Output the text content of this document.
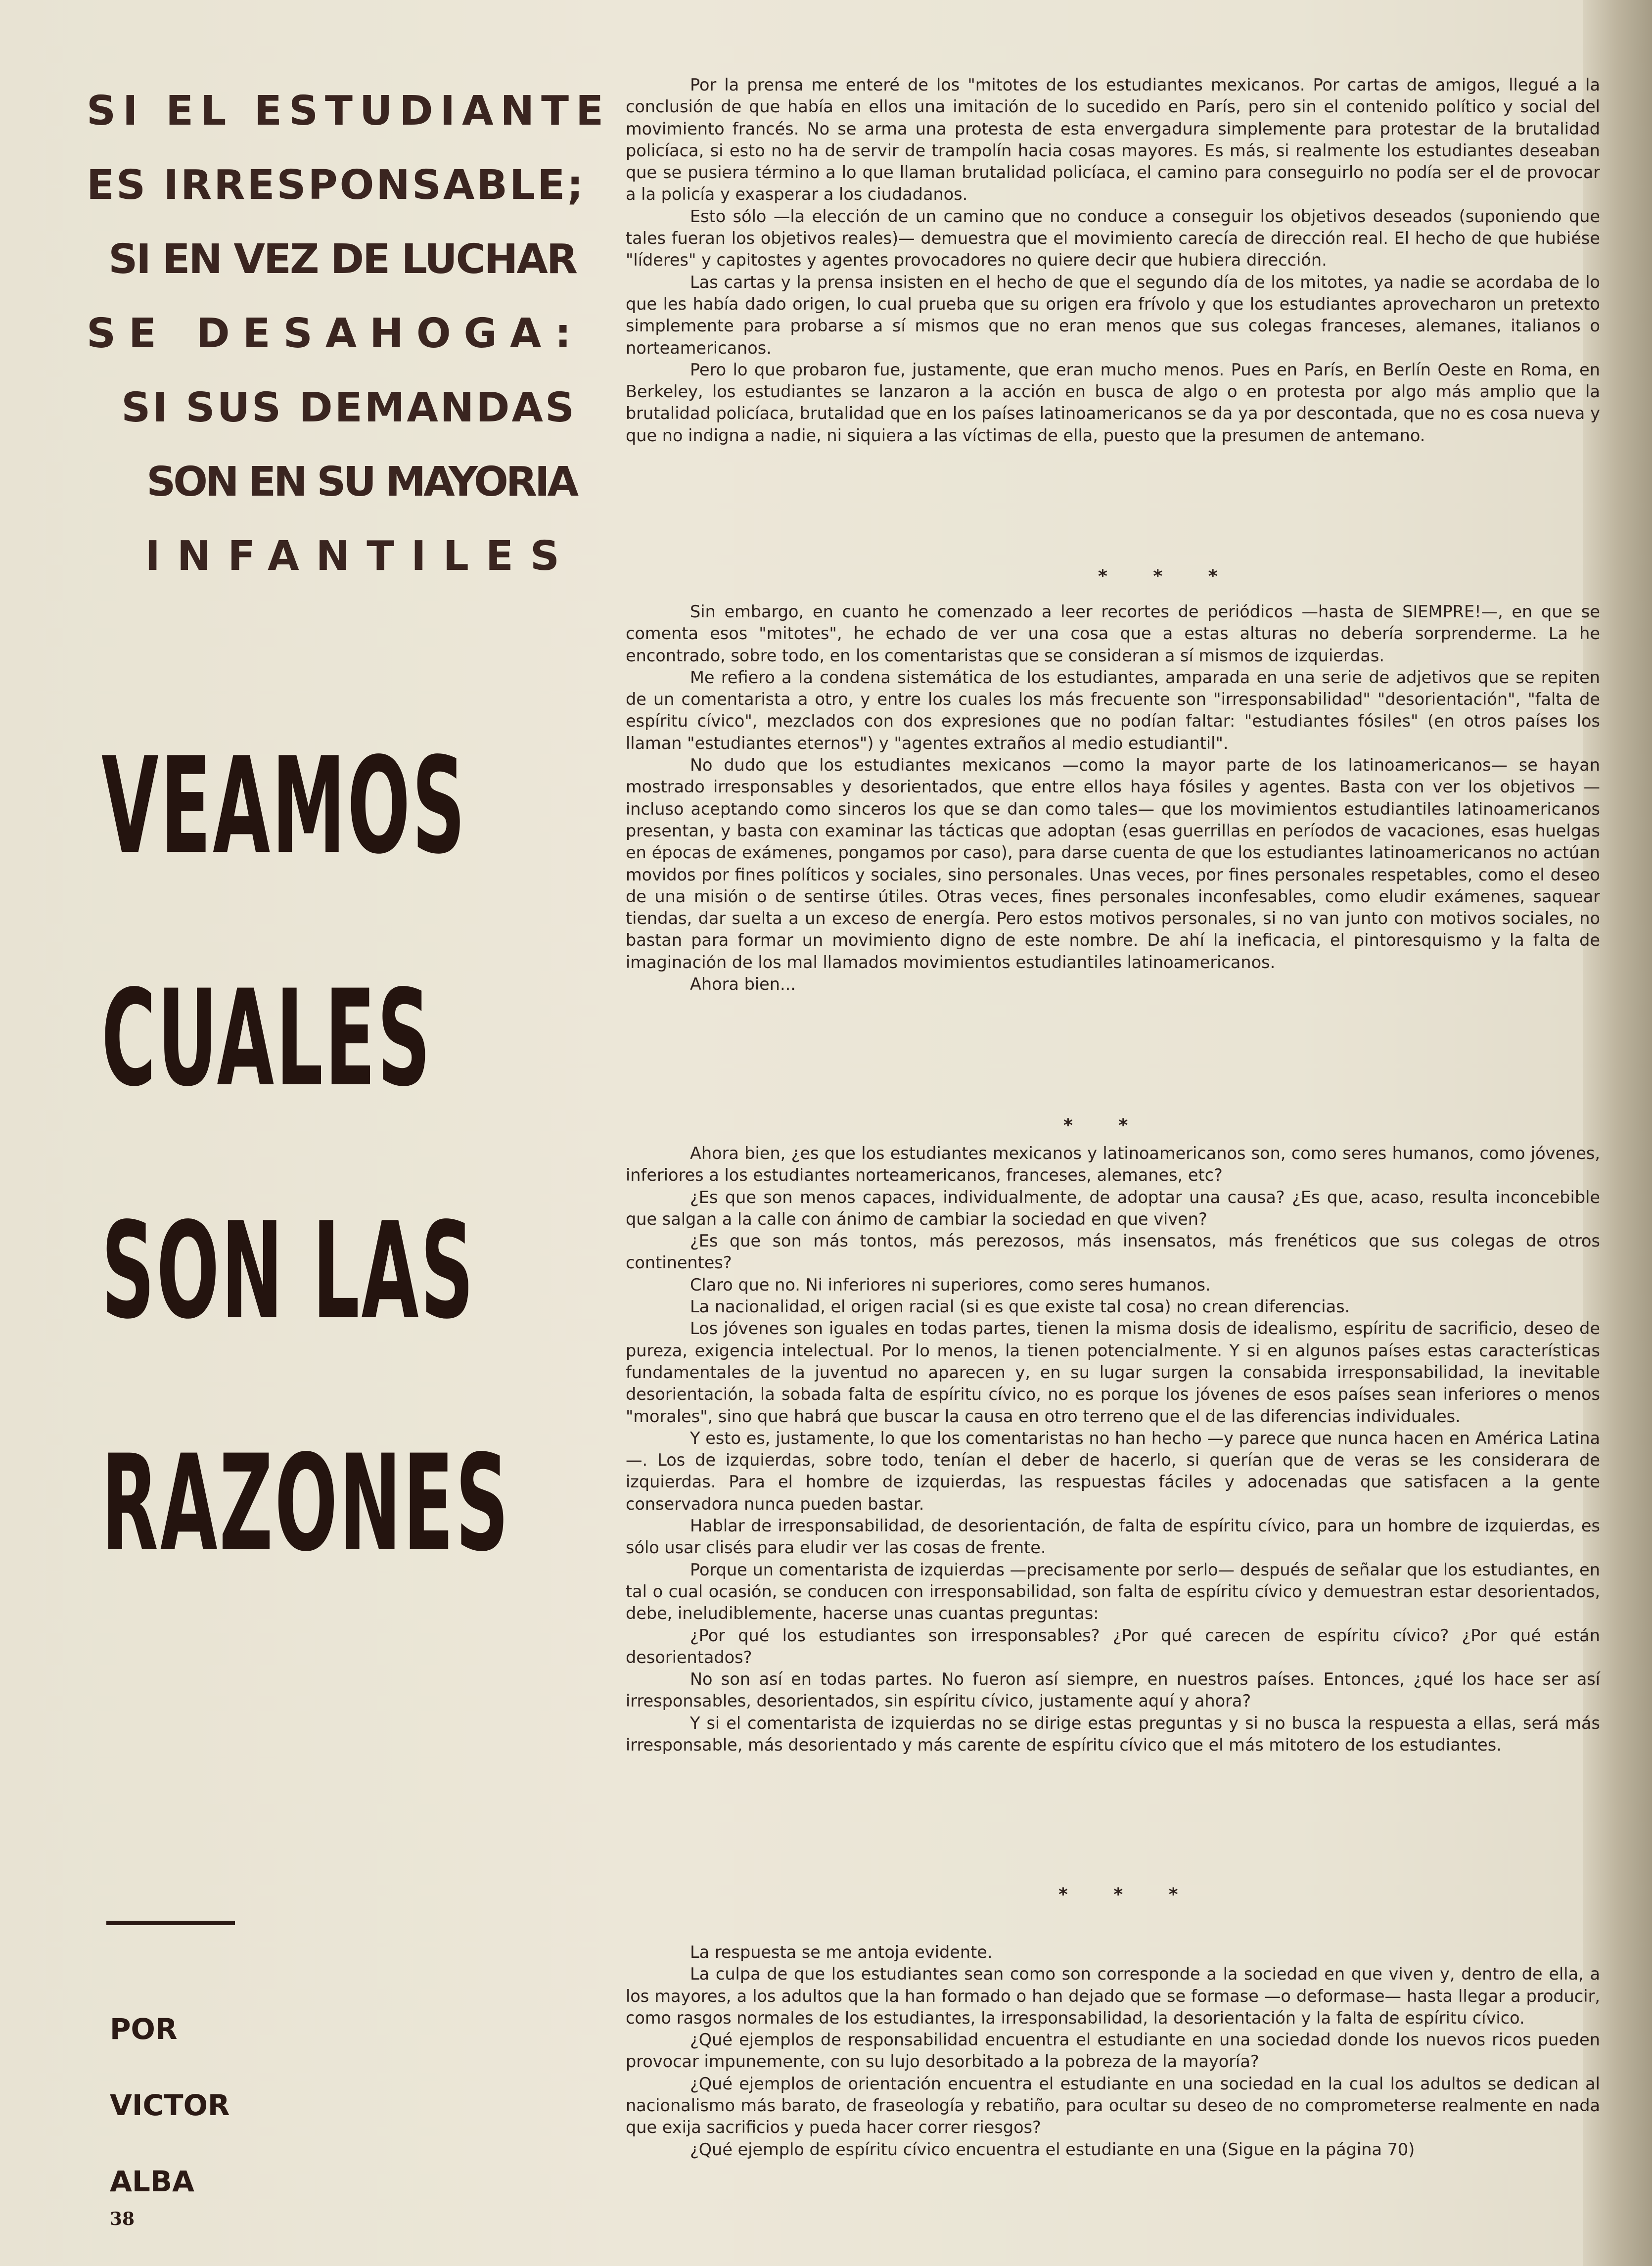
SI EL ESTUDIANTE
ES IRRESPONSABLE;
SI EN VEZ DE LUCHAR
SE DESAHOGA:
SI SUS DEMANDAS
SON EN SU MAYORIA
INFANTILES
VEAMOS
CUALES
SON LAS
RAZONES
POR
VICTOR
ALBA
38

Por la prensa me enteré de los "mitotes de los estudiantes mexicanos. Por cartas de amigos, llegué a la conclusión de que había en ellos una imitación de lo sucedido en París, pero sin el contenido político y social del movimiento francés. No se arma una protesta de esta envergadura simplemente para protestar de la brutalidad policíaca, si esto no ha de servir de trampolín hacia cosas mayores. Es más, si realmente los estudiantes deseaban que se pusiera término a lo que llaman brutalidad policíaca, el camino para conseguirlo no podía ser el de provocar a la policía y exasperar a los ciudadanos.

Esto sólo —la elección de un camino que no conduce a conseguir los objetivos deseados (suponiendo que tales fueran los objetivos reales)— demuestra que el movimiento carecía de dirección real. El hecho de que hubiése "líderes" y capitostes y agentes provocadores no quiere decir que hubiera dirección.

Las cartas y la prensa insisten en el hecho de que el segundo día de los mitotes, ya nadie se acordaba de lo que les había dado origen, lo cual prueba que su origen era frívolo y que los estudiantes aprovecharon un pretexto simplemente para probarse a sí mismos que no eran menos que sus colegas franceses, alemanes, italianos o norteamericanos.

Pero lo que probaron fue, justamente, que eran mucho menos. Pues en París, en Berlín Oeste en Roma, en Berkeley, los estudiantes se lanzaron a la acción en busca de algo o en protesta por algo más amplio que la brutalidad policíaca, brutalidad que en los países latinoamericanos se da ya por descontada, que no es cosa nueva y que no indigna a nadie, ni siquiera a las víctimas de ella, puesto que la presumen de antemano.

* * *

Sin embargo, en cuanto he comenzado a leer recortes de periódicos —hasta de SIEMPRE!—, en que se comenta esos "mitotes", he echado de ver una cosa que a estas alturas no debería sorprenderme. La he encontrado, sobre todo, en los comentaristas que se consideran a sí mismos de izquierdas.

Me refiero a la condena sistemática de los estudiantes, amparada en una serie de adjetivos que se repiten de un comentarista a otro, y entre los cuales los más frecuente son "irresponsabilidad" "desorientación", "falta de espíritu cívico", mezclados con dos expresiones que no podían faltar: "estudiantes fósiles" (en otros países los llaman "estudiantes eternos") y "agentes extraños al medio estudiantil".

No dudo que los estudiantes mexicanos —como la mayor parte de los latinoamericanos— se hayan mostrado irresponsables y desorientados, que entre ellos haya fósiles y agentes. Basta con ver los objetivos —incluso aceptando como sinceros los que se dan como tales— que los movimientos estudiantiles latinoamericanos presentan, y basta con examinar las tácticas que adoptan (esas guerrillas en períodos de vacaciones, esas huelgas en épocas de exámenes, pongamos por caso), para darse cuenta de que los estudiantes latinoamericanos no actúan movidos por fines políticos y sociales, sino personales. Unas veces, por fines personales respetables, como el deseo de una misión o de sentirse útiles. Otras veces, fines personales inconfesables, como eludir exámenes, saquear tiendas, dar suelta a un exceso de energía. Pero estos motivos personales, si no van junto con motivos sociales, no bastan para formar un movimiento digno de este nombre. De ahí la ineficacia, el pintoresquismo y la falta de imaginación de los mal llamados movimientos estudiantiles latinoamericanos.

Ahora bien...

* *

Ahora bien, ¿es que los estudiantes mexicanos y latinoamericanos son, como seres humanos, como jóvenes, inferiores a los estudiantes norteamericanos, franceses, alemanes, etc?

¿Es que son menos capaces, individualmente, de adoptar una causa? ¿Es que, acaso, resulta inconcebible que salgan a la calle con ánimo de cambiar la sociedad en que viven?

¿Es que son más tontos, más perezosos, más insensatos, más frenéticos que sus colegas de otros continentes?

Claro que no. Ni inferiores ni superiores, como seres humanos.

La nacionalidad, el origen racial (si es que existe tal cosa) no crean diferencias.

Los jóvenes son iguales en todas partes, tienen la misma dosis de idealismo, espíritu de sacrificio, deseo de pureza, exigencia intelectual. Por lo menos, la tienen potencialmente. Y si en algunos países estas características fundamentales de la juventud no aparecen y, en su lugar surgen la consabida irresponsabilidad, la inevitable desorientación, la sobada falta de espíritu cívico, no es porque los jóvenes de esos países sean inferiores o menos "morales", sino que habrá que buscar la causa en otro terreno que el de las diferencias individuales.

Y esto es, justamente, lo que los comentaristas no han hecho —y parece que nunca hacen en América Latina—. Los de izquierdas, sobre todo, tenían el deber de hacerlo, si querían que de veras se les considerara de izquierdas. Para el hombre de izquierdas, las respuestas fáciles y adocenadas que satisfacen a la gente conservadora nunca pueden bastar.

Hablar de irresponsabilidad, de desorientación, de falta de espíritu cívico, para un hombre de izquierdas, es sólo usar clisés para eludir ver las cosas de frente.

Porque un comentarista de izquierdas —precisamente por serlo— después de señalar que los estudiantes, en tal o cual ocasión, se conducen con irresponsabilidad, son falta de espíritu cívico y demuestran estar desorientados, debe, ineludiblemente, hacerse unas cuantas preguntas:

¿Por qué los estudiantes son irresponsables? ¿Por qué carecen de espíritu cívico? ¿Por qué están desorientados?

No son así en todas partes. No fueron así siempre, en nuestros países. Entonces, ¿qué los hace ser así irresponsables, desorientados, sin espíritu cívico, justamente aquí y ahora?

Y si el comentarista de izquierdas no se dirige estas preguntas y si no busca la respuesta a ellas, será más irresponsable, más desorientado y más carente de espíritu cívico que el más mitotero de los estudiantes.

* * *

La respuesta se me antoja evidente.

La culpa de que los estudiantes sean como son corresponde a la sociedad en que viven y, dentro de ella, a los mayores, a los adultos que la han formado o han dejado que se formase —o deformase— hasta llegar a producir, como rasgos normales de los estudiantes, la irresponsabilidad, la desorientación y la falta de espíritu cívico.

¿Qué ejemplos de responsabilidad encuentra el estudiante en una sociedad donde los nuevos ricos pueden provocar impunemente, con su lujo desorbitado a la pobreza de la mayoría?

¿Qué ejemplos de orientación encuentra el estudiante en una sociedad en la cual los adultos se dedican al nacionalismo más barato, de fraseología y rebatiño, para ocultar su deseo de no comprometerse realmente en nada que exija sacrificios y pueda hacer correr riesgos?

¿Qué ejemplo de espíritu cívico encuentra el estudiante en una (Sigue en la página 70)
